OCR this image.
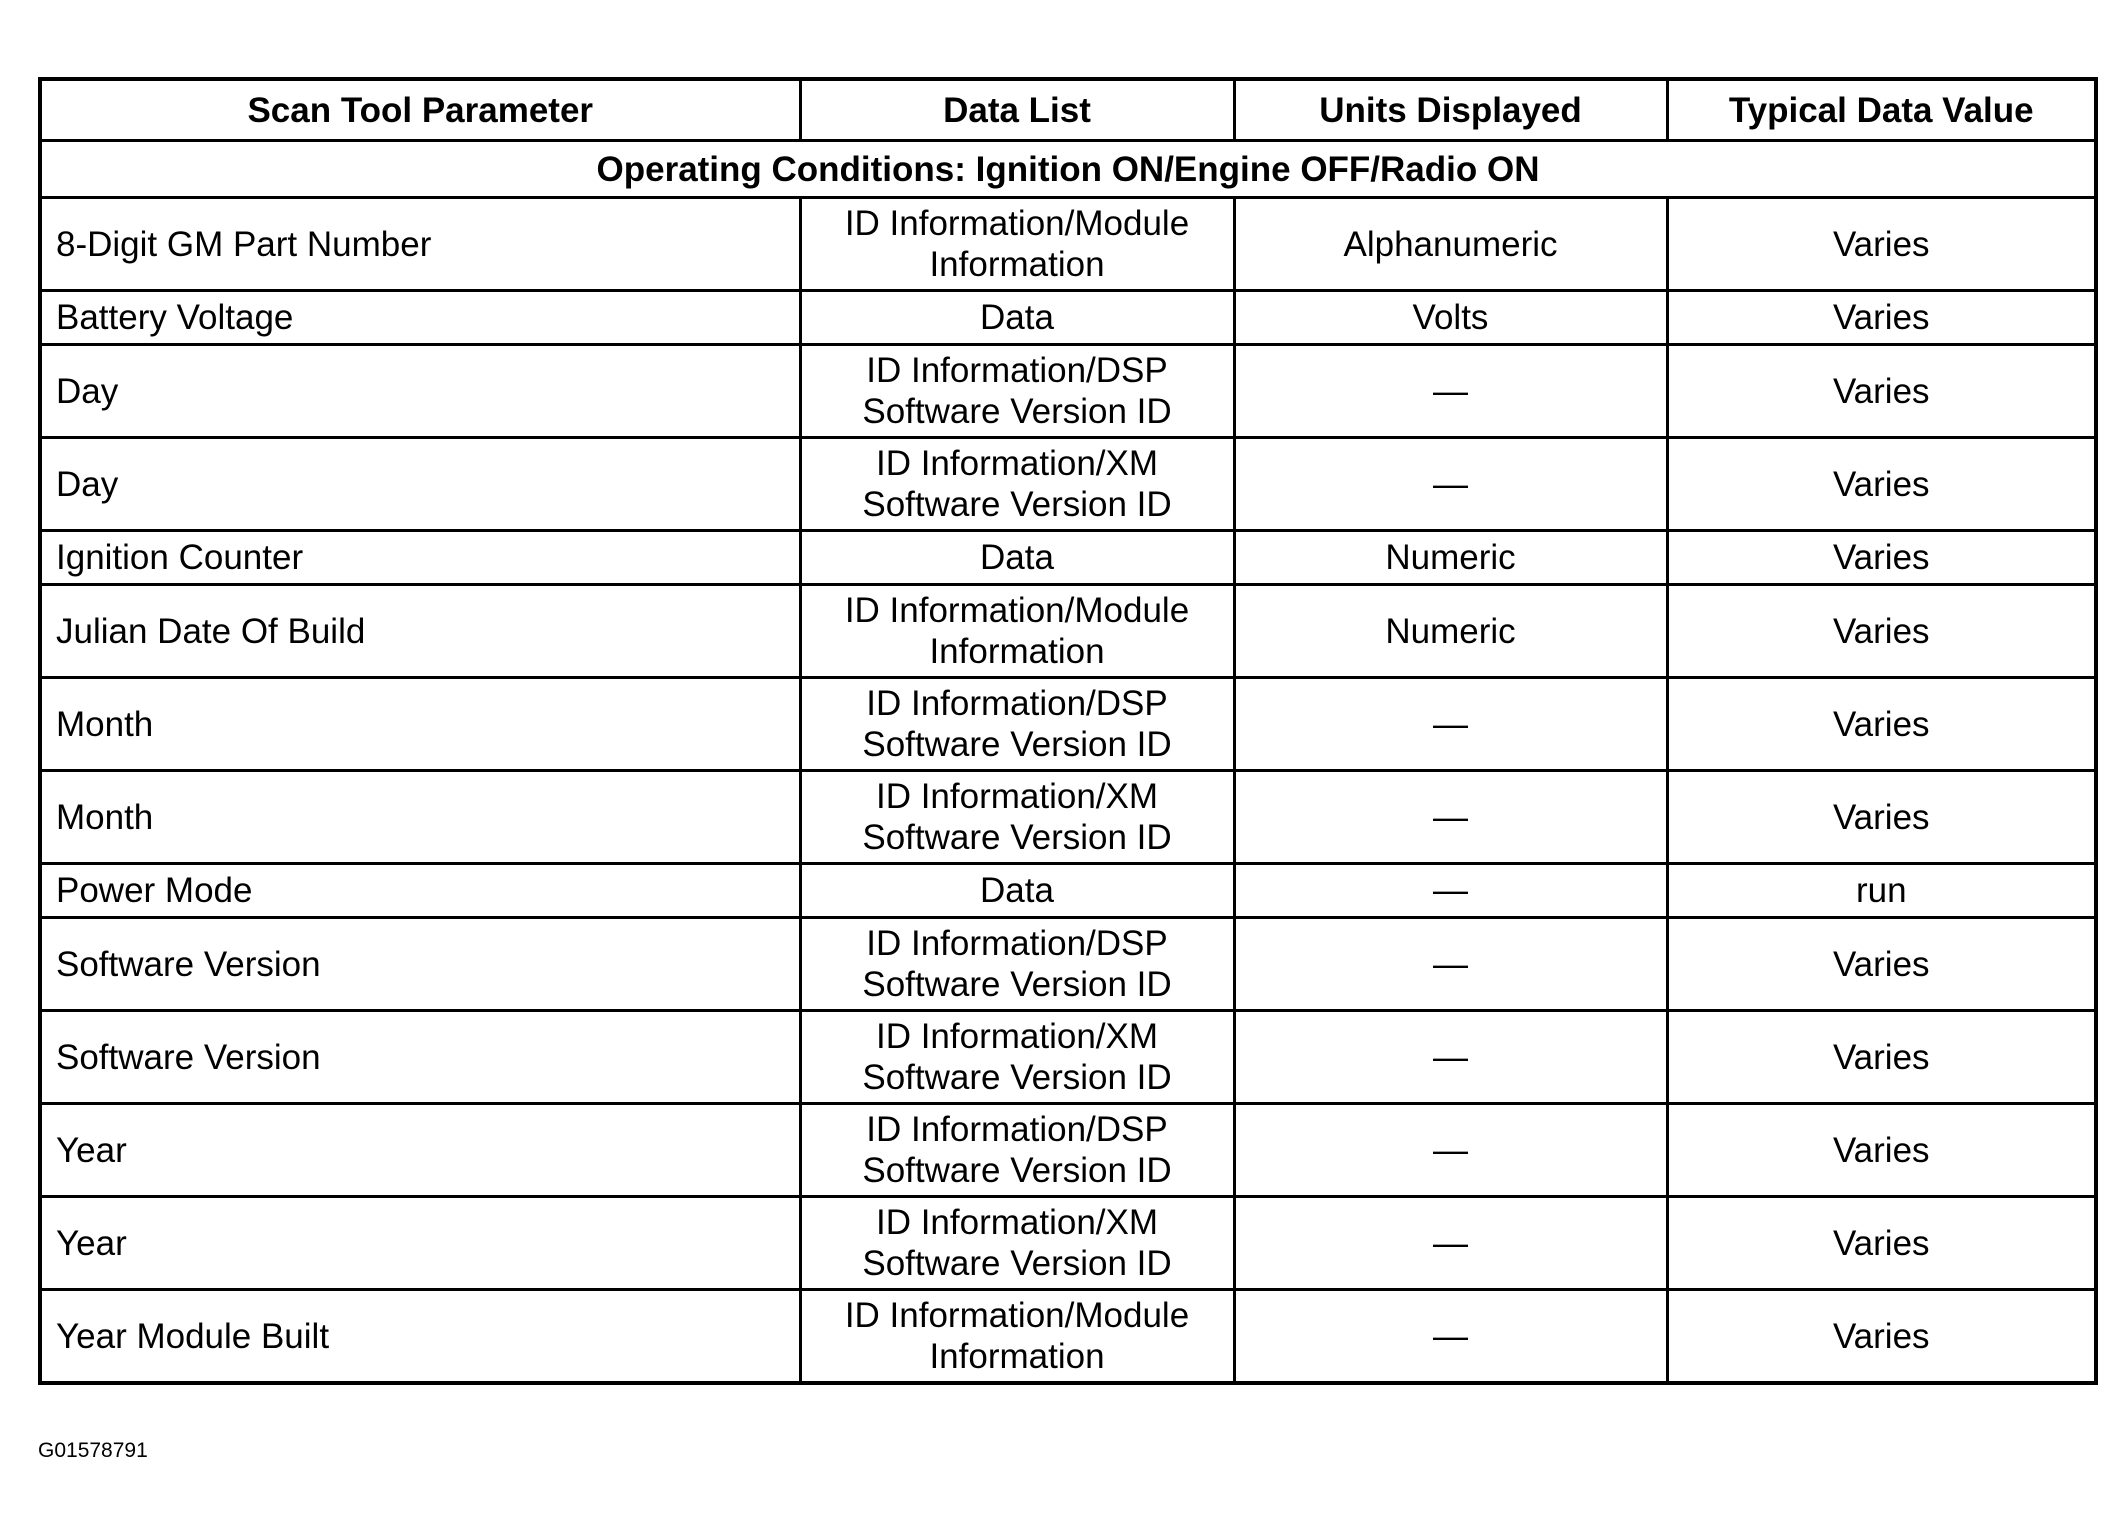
Scan Tool Parameter	Data List	Units Displayed	Typical Data Value
Operating Conditions: Ignition ON/Engine OFF/Radio ON			
8-Digit GM Part Number	ID Information/Module Information	Alphanumeric	Varies
Battery Voltage	Data	Volts	Varies
Day	ID Information/DSP Software Version ID	—	Varies
Day	ID Information/XM Software Version ID	—	Varies
Ignition Counter	Data	Numeric	Varies
Julian Date Of Build	ID Information/Module Information	Numeric	Varies
Month	ID Information/DSP Software Version ID	—	Varies
Month	ID Information/XM Software Version ID	—	Varies
Power Mode	Data	—	run
Software Version	ID Information/DSP Software Version ID	—	Varies
Software Version	ID Information/XM Software Version ID	—	Varies
Year	ID Information/DSP Software Version ID	—	Varies
Year	ID Information/XM Software Version ID	—	Varies
Year Module Built	ID Information/Module Information	—	Varies
G01578791
